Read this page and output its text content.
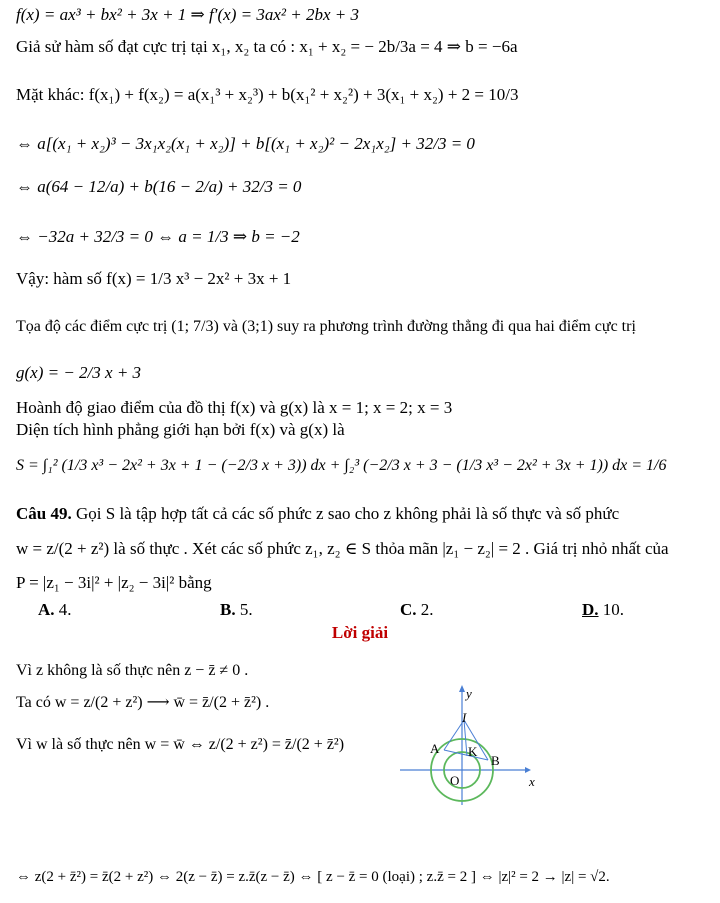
f(x) = ax³ + bx² + 3x + 1 ⇒ f′(x) = 3ax² + 2bx + 3
Giả sử hàm số đạt cực trị tại x₁, x₂ ta có : x₁ + x₂ = − 2b/3a = 4 ⇒ b = −6a
Mặt khác: f(x₁) + f(x₂) = a(x₁³ + x₂³) + b(x₁² + x₂²) + 3(x₁ + x₂) + 2 = 10/3
⇔ a[(x₁ + x₂)³ − 3x₁x₂(x₁ + x₂)] + b[(x₁ + x₂)² − 2x₁x₂] + 32/3 = 0
⇔ a(64 − 12/a) + b(16 − 2/a) + 32/3 = 0
⇔ −32a + 32/3 = 0 ⇔ a = 1/3 ⇒ b = −2
Vậy: hàm số f(x) = 1/3 x³ − 2x² + 3x + 1
Tọa độ các điểm cực trị (1; 7/3) và (3;1) suy ra phương trình đường thẳng đi qua hai điểm cực trị
g(x) = − 2/3 x + 3
Hoành độ giao điểm của đồ thị f(x) và g(x) là x = 1; x = 2; x = 3
Diện tích hình phẳng giới hạn bởi f(x) và g(x) là
S = ∫₁² (1/3 x³ − 2x² + 3x + 1 − (−2/3 x + 3)) dx + ∫₂³ (−2/3 x + 3 − (1/3 x³ − 2x² + 3x + 1)) dx = 1/6
Câu 49. Gọi S là tập hợp tất cả các số phức z sao cho z không phải là số thực và số phức
w = z/(2 + z²) là số thực . Xét các số phức z₁, z₂ ∈ S thỏa mãn |z₁ − z₂| = 2 . Giá trị nhỏ nhất của
P = |z₁ − 3i|² + |z₂ − 3i|² bằng
A. 4.	B. 5.	C. 2.	D. 10.
Lời giải
Vì z không là số thực nên z − z̄ ≠ 0 .
Ta có w = z/(2 + z²) ⟶ w̄ = z̄/(2 + z̄²) .
Vì w là số thực nên w = w̄ ⇔ z/(2 + z²) = z̄/(2 + z̄²)
⇔ z(2 + z̄²) = z̄(2 + z²) ⇔ 2(z − z̄) = z.z̄(z − z̄) ⇔ [ z − z̄ = 0 (loại) ; z.z̄ = 2 ] ⇔ |z|² = 2 → |z| = √2.
y
x
I
A K
B
O
